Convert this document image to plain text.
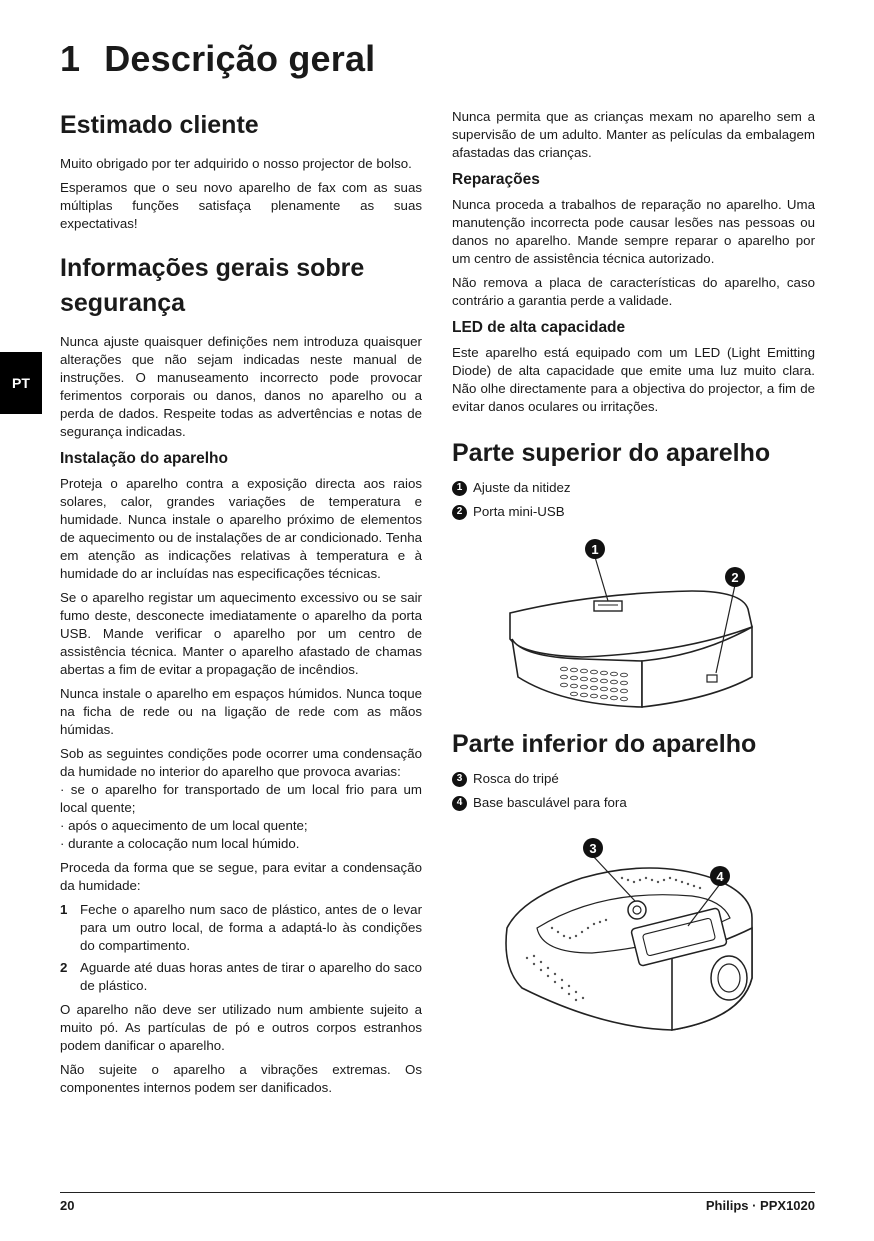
1 Descrição geral
PT
Estimado cliente

Muito obrigado por ter adquirido o nosso projector de bolso.

Esperamos que o seu novo aparelho de fax com as suas múltiplas funções satisfaça plenamente as suas expectativas!

Informações gerais sobre segurança

Nunca ajuste quaisquer definições nem introduza quaisquer alterações que não sejam indicadas neste manual de instruções. O manuseamento incorrecto pode provocar ferimentos corporais ou danos, danos no aparelho ou a perda de dados. Respeite todas as advertências e notas de segurança indicadas.

Instalação do aparelho

Proteja o aparelho contra a exposição directa aos raios solares, calor, grandes variações de temperatura e humidade. Nunca instale o aparelho próximo de elementos de aquecimento ou de instalações de ar condicionado. Tenha em atenção as indicações relativas à temperatura e à humidade do ar incluídas nas especificações técnicas.

Se o aparelho registar um aquecimento excessivo ou se sair fumo deste, desconecte imediatamente o aparelho da porta USB. Mande verificar o aparelho por um centro de assistência técnica. Manter o aparelho afastado de chamas abertas a fim de evitar a propagação de incêndios.

Nunca instale o aparelho em espaços húmidos. Nunca toque na ficha de rede ou na ligação de rede com as mãos húmidas.

Sob as seguintes condições pode ocorrer uma condensação da humidade no interior do aparelho que provoca avarias:

· se o aparelho for transportado de um local frio para um local quente;

· após o aquecimento de um local quente;

· durante a colocação num local húmido.

Proceda da forma que se segue, para evitar a condensação da humidade:

1 Feche o aparelho num saco de plástico, antes de o levar para um outro local, de forma a adaptá-lo às condições do compartimento.
2 Aguarde até duas horas antes de tirar o aparelho do saco de plástico.

O aparelho não deve ser utilizado num ambiente sujeito a muito pó. As partículas de pó e outros corpos estranhos podem danificar o aparelho.

Não sujeite o aparelho a vibrações extremas. Os componentes internos podem ser danificados.

Nunca permita que as crianças mexam no aparelho sem a supervisão de um adulto. Manter as películas da embalagem afastadas das crianças.

Reparações

Nunca proceda a trabalhos de reparação no aparelho. Uma manutenção incorrecta pode causar lesões nas pessoas ou danos no aparelho. Mande sempre reparar o aparelho por um centro de assistência técnica autorizado.

Não remova a placa de características do aparelho, caso contrário a garantia perde a validade.

LED de alta capacidade

Este aparelho está equipado com um LED (Light Emitting Diode) de alta capacidade que emite uma luz muito clara. Não olhe directamente para a objectiva do projector, a fim de evitar danos oculares ou irritações.

Parte superior do aparelho
1 Ajuste da nitidez
2 Porta mini-USB
1
2
Parte inferior do aparelho
3 Rosca do tripé
4 Base basculável para fora
3
4
20	Philips · PPX1020
